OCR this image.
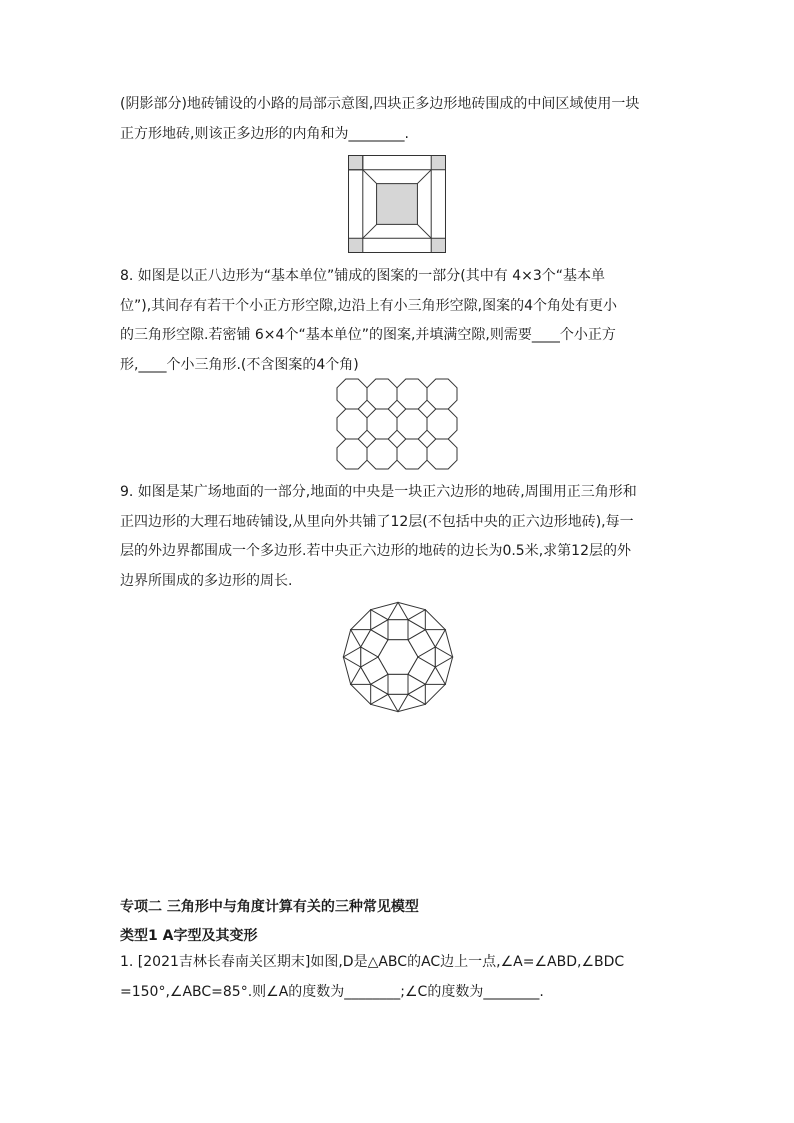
(阴影部分)地砖铺设的小路的局部示意图,四块正多边形地砖围成的中间区域使用一块
正方形地砖,则该正多边形的内角和为________.
8. 如图是以正八边形为“基本单位”铺成的图案的一部分(其中有 4×3个“基本单
位”),其间存有若干个小正方形空隙,边沿上有小三角形空隙,图案的4个角处有更小
的三角形空隙.若密铺 6×4个“基本单位”的图案,并填满空隙,则需要____个小正方
形,____个小三角形.(不含图案的4个角)
9. 如图是某广场地面的一部分,地面的中央是一块正六边形的地砖,周围用正三角形和
正四边形的大理石地砖铺设,从里向外共铺了12层(不包括中央的正六边形地砖),每一
层的外边界都围成一个多边形.若中央正六边形的地砖的边长为0.5米,求第12层的外
边界所围成的多边形的周长.
专项二 三角形中与角度计算有关的三种常见模型
类型1 A字型及其变形
1. [2021吉林长春南关区期末]如图,D是△ABC的AC边上一点,∠A=∠ABD,∠BDC
=150°,∠ABC=85°.则∠A的度数为________;∠C的度数为________.
